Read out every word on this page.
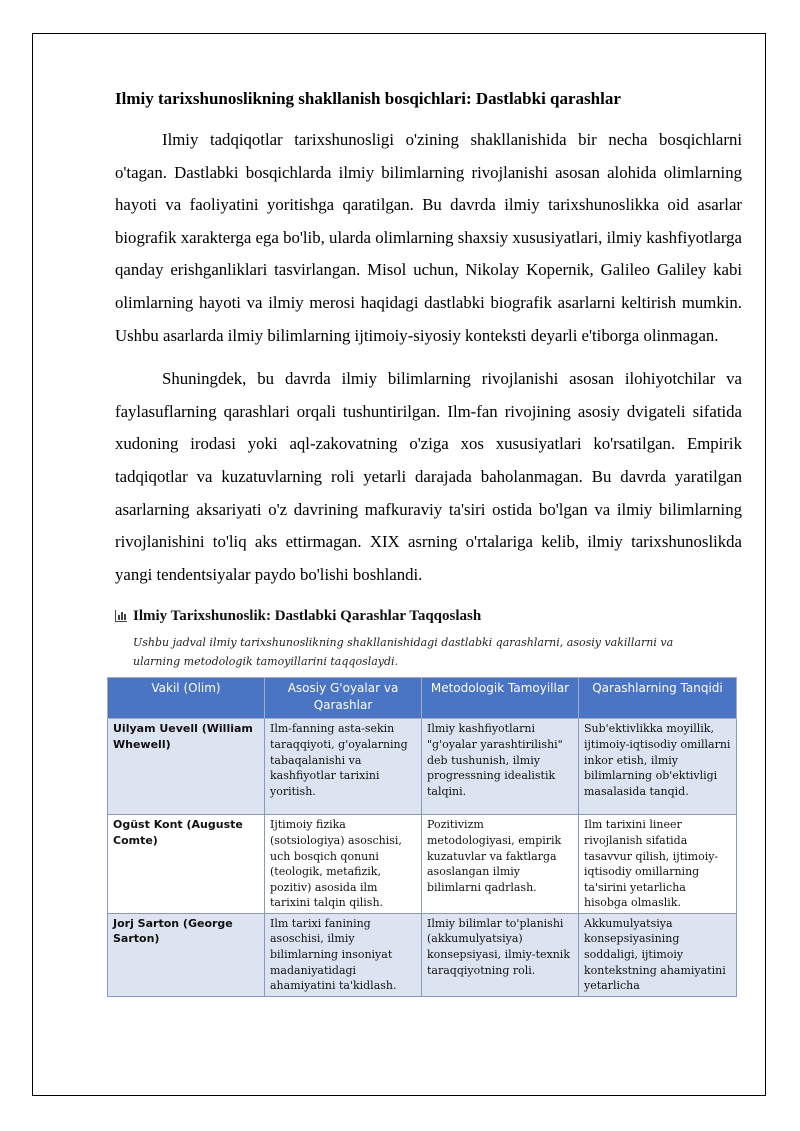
Ilmiy tarixshunoslikning shakllanish bosqichlari: Dastlabki qarashlar

Ilmiy tadqiqotlar tarixshunosligi o'zining shakllanishida bir necha bosqichlarni o'tagan. Dastlabki bosqichlarda ilmiy bilimlarning rivojlanishi asosan alohida olimlarning hayoti va faoliyatini yoritishga qaratilgan. Bu davrda ilmiy tarixshunoslikka oid asarlar biografik xarakterga ega bo'lib, ularda olimlarning shaxsiy xususiyatlari, ilmiy kashfiyotlarga qanday erishganliklari tasvirlangan. Misol uchun, Nikolay Kopernik, Galileo Galiley kabi olimlarning hayoti va ilmiy merosi haqidagi dastlabki biografik asarlarni keltirish mumkin. Ushbu asarlarda ilmiy bilimlarning ijtimoiy-siyosiy konteksti deyarli e'tiborga olinmagan.

Shuningdek, bu davrda ilmiy bilimlarning rivojlanishi asosan ilohiyotchilar va faylasuflarning qarashlari orqali tushuntirilgan. Ilm-fan rivojining asosiy dvigateli sifatida xudoning irodasi yoki aql-zakovatning o'ziga xos xususiyatlari ko'rsatilgan. Empirik tadqiqotlar va kuzatuvlarning roli yetarli darajada baholanmagan. Bu davrda yaratilgan asarlarning aksariyati o'z davrining mafkuraviy ta'siri ostida bo'lgan va ilmiy bilimlarning rivojlanishini to'liq aks ettirmagan. XIX asrning o'rtalariga kelib, ilmiy tarixshunoslikda yangi tendentsiyalar paydo bo'lishi boshlandi.

Ilmiy Tarixshunoslik: Dastlabki Qarashlar Taqqoslash
Ushbu jadval ilmiy tarixshunoslikning shakllanishidagi dastlabki qarashlarni, asosiy vakillarni va ularning metodologik tamoyillarini taqqoslaydi.
Vakil (Olim)	Asosiy G'oyalar va Qarashlar	Metodologik Tamoyillar	Qarashlarning Tanqidi
Uilyam Uevell (William Whewell)	Ilm-fanning asta-sekin taraqqiyoti, g'oyalarning tabaqalanishi va kashfiyotlar tarixini yoritish.	Ilmiy kashfiyotlarni "g'oyalar yarashtirilishi" deb tushunish, ilmiy progressning idealistik talqini.	Sub'ektivlikka moyillik, ijtimoiy-iqtisodiy omillarni inkor etish, ilmiy bilimlarning ob'ektivligi masalasida tanqid.
Ogüst Kont (Auguste Comte)	Ijtimoiy fizika (sotsiologiya) asoschisi, uch bosqich qonuni (teologik, metafizik, pozitiv) asosida ilm tarixini talqin qilish.	Pozitivizm metodologiyasi, empirik kuzatuvlar va faktlarga asoslangan ilmiy bilimlarni qadrlash.	Ilm tarixini lineer rivojlanish sifatida tasavvur qilish, ijtimoiy-iqtisodiy omillarning ta'sirini yetarlicha hisobga olmaslik.
Jorj Sarton (George Sarton)	Ilm tarixi fanining asoschisi, ilmiy bilimlarning insoniyat madaniyatidagi ahamiyatini ta'kidlash.	Ilmiy bilimlar to'planishi (akkumulyatsiya) konsepsiyasi, ilmiy-texnik taraqqiyotning roli.	Akkumulyatsiya konsepsiyasining soddaligi, ijtimoiy kontekstning ahamiyatini yetarlicha
